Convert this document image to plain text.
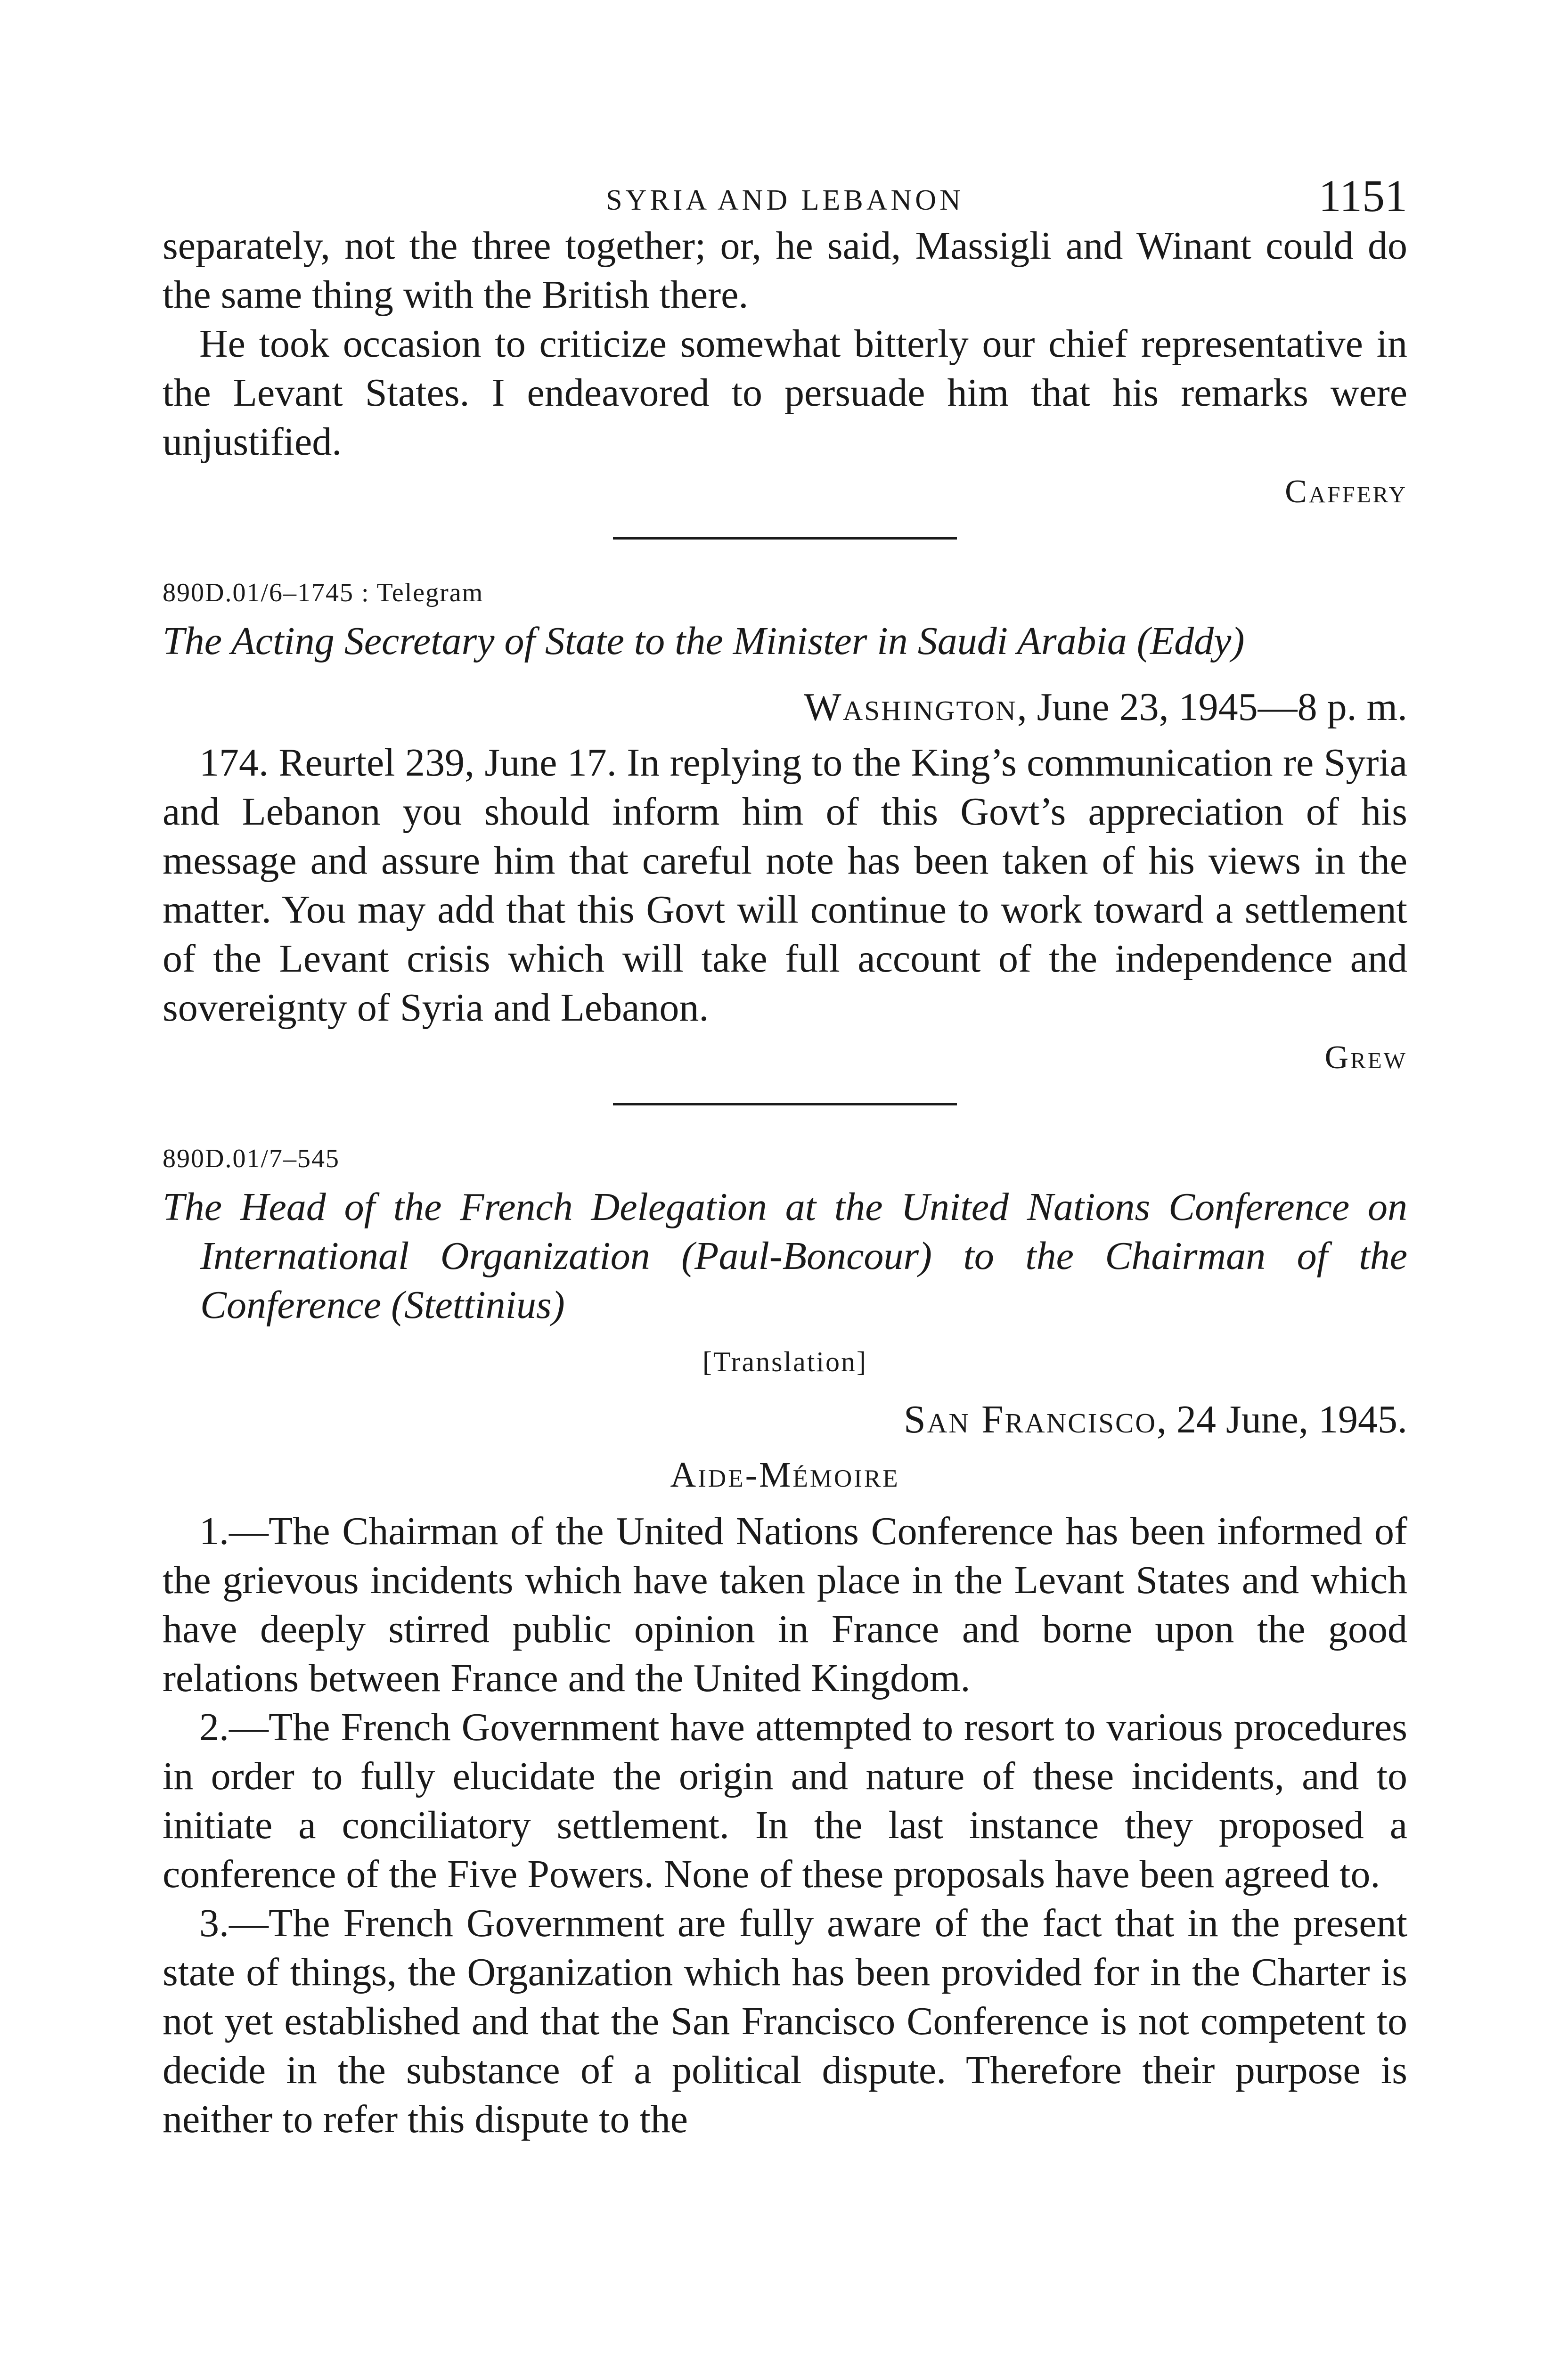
SYRIA AND LEBANON	1151

separately, not the three together; or, he said, Massigli and Winant could do the same thing with the British there.

He took occasion to criticize somewhat bitterly our chief representative in the Levant States. I endeavored to persuade him that his remarks were unjustified.

Caffery
890D.01/6–1745 : Telegram
The Acting Secretary of State to the Minister in Saudi Arabia (Eddy)
Washington, June 23, 1945—8 p. m.

174. Reurtel 239, June 17. In replying to the King’s communication re Syria and Lebanon you should inform him of this Govt’s appreciation of his message and assure him that careful note has been taken of his views in the matter. You may add that this Govt will continue to work toward a settlement of the Levant crisis which will take full account of the independence and sovereignty of Syria and Lebanon.

Grew
890D.01/7–545
The Head of the French Delegation at the United Nations Conference on International Organization (Paul-Boncour) to the Chairman of the Conference (Stettinius)
[Translation]
San Francisco, 24 June, 1945.
Aide-Mémoire

1.—The Chairman of the United Nations Conference has been informed of the grievous incidents which have taken place in the Levant States and which have deeply stirred public opinion in France and borne upon the good relations between France and the United Kingdom.

2.—The French Government have attempted to resort to various procedures in order to fully elucidate the origin and nature of these incidents, and to initiate a conciliatory settlement. In the last instance they proposed a conference of the Five Powers. None of these proposals have been agreed to.

3.—The French Government are fully aware of the fact that in the present state of things, the Organization which has been provided for in the Charter is not yet established and that the San Francisco Conference is not competent to decide in the substance of a political dispute. Therefore their purpose is neither to refer this dispute to the
